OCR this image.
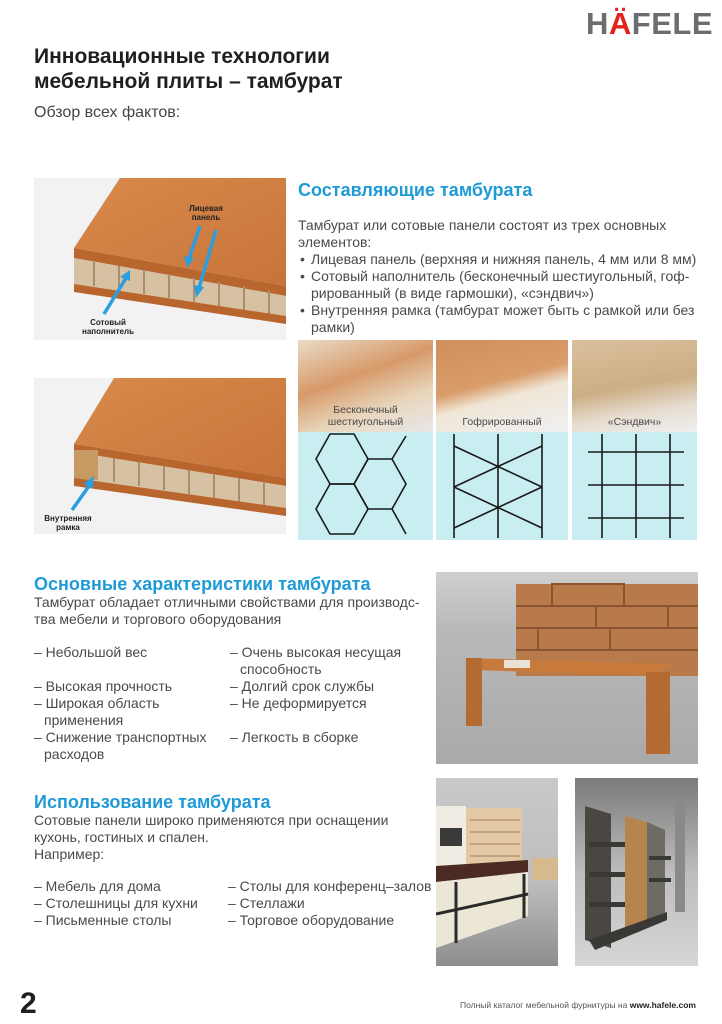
HÄFELE
Инновационные технологии
мебельной плиты – тамбурат
Обзор всех фактов:
Лицевая панель
Сотовый наполнитель
Внутренняя рамка
Составляющие тамбурата
Тамбурат или сотовые панели состоят из трех основных элементов:
• Лицевая панель (верхняя и нижняя панель, 4 мм или 8 мм)
• Сотовый наполнитель (бесконечный шестиугольный, гоф-рированный (в виде гармошки), «сэндвич»)
• Внутренняя рамка (тамбурат может быть с рамкой или без рамки)
Бесконечный шестиугольный	Гофрированный	«Сэндвич»
Основные характеристики тамбурата
Тамбурат обладает отличными свойствами для производс-тва мебели и торгового оборудования
– Небольшой вес
– Высокая прочность
– Широкая область применения
– Снижение транспортных расходов
– Очень высокая несущая способность
– Долгий срок службы
– Не деформируется
– Легкость в сборке
Использование тамбурата
Сотовые панели широко применяются при оснащении кухонь, гостиных и спален.
Например:
– Мебель для дома
– Столешницы для кухни
– Письменные столы
– Столы для конференц–залов
– Стеллажи
– Торговое оборудование
2	Полный каталог мебельной фурнитуры на www.hafele.com
